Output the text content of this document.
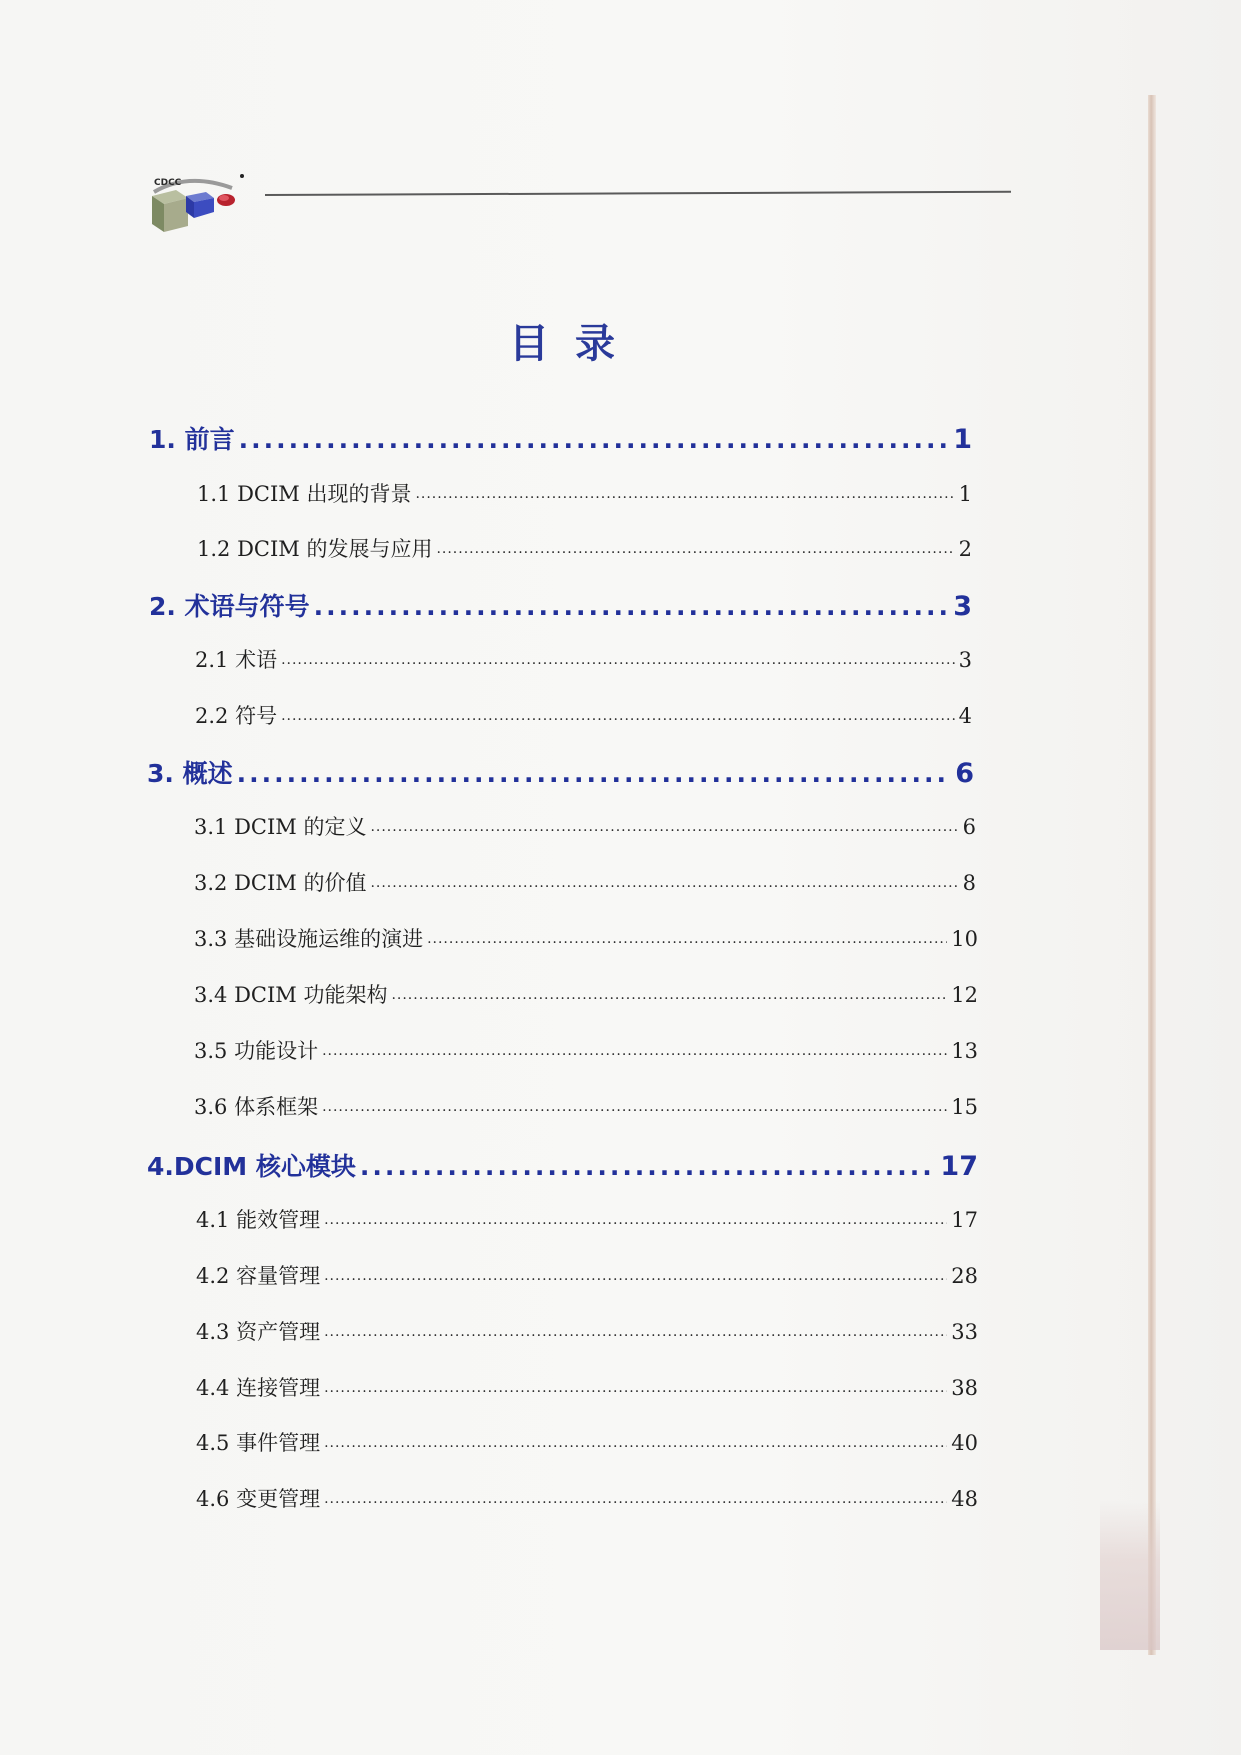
CDCC
目录
1. 前言 .....	1
1.1 DCIM 出现的背景 .....	1
1.2 DCIM 的发展与应用 .....	2
2. 术语与符号 .....	3
2.1 术语 .....	3
2.2 符号 .....	4
3. 概述 .....	6
3.1 DCIM 的定义 .....	6
3.2 DCIM 的价值 .....	8
3.3 基础设施运维的演进 .....	10
3.4 DCIM 功能架构 .....	12
3.5 功能设计 .....	13
3.6 体系框架 .....	15
4.DCIM 核心模块 .....	17
4.1 能效管理 .....	17
4.2 容量管理 .....	28
4.3 资产管理 .....	33
4.4 连接管理 .....	38
4.5 事件管理 .....	40
4.6 变更管理 .....	48
